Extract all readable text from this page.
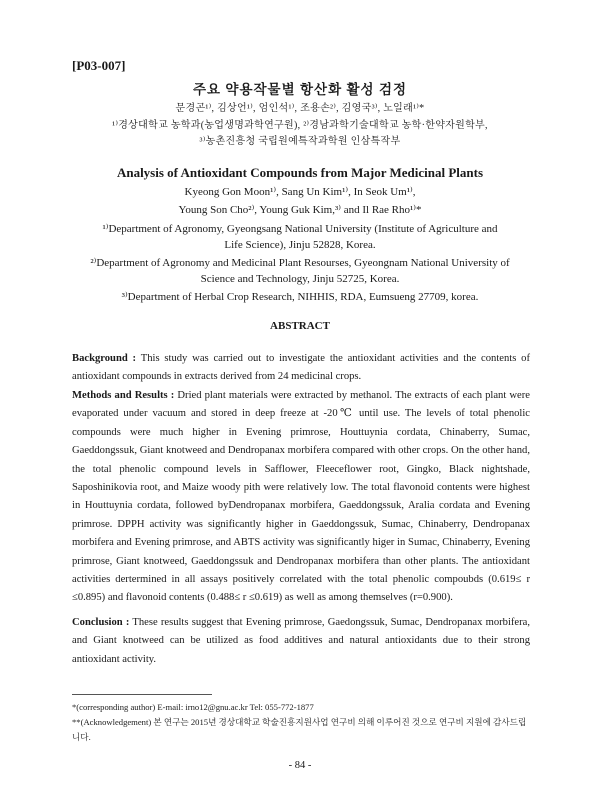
[P03-007]
주요 약용작물별 항산화 활성 검정
문경곤¹⁾, 김상언¹⁾, 엄인석¹⁾, 조용손²⁾, 김영국³⁾, 노일래¹⁾*
¹⁾경상대학교 농학과(농업생명과학연구원), ²⁾경남과학기술대학교 농학·한약자원학부,
³⁾농촌진흥청 국립원예특작과학원 인삼특작부
Analysis of Antioxidant Compounds from Major Medicinal Plants
Kyeong Gon Moon¹⁾, Sang Un Kim¹⁾, In Seok Um¹⁾,
Young Son Cho²⁾, Young Guk Kim,³⁾ and Il Rae Rho¹⁾*
¹⁾Department of Agronomy, Gyeongsang National University (Institute of Agriculture and
Life Science), Jinju 52828, Korea.
²⁾Department of Agronomy and Medicinal Plant Resourses, Gyeongnam National University of
Science and Technology, Jinju 52725, Korea.
³⁾Department of Herbal Crop Research, NIHHIS, RDA, Eumsueng 27709, korea.
ABSTRACT
Background : This study was carried out to investigate the antioxidant activities and the contents of antioxidant compounds in extracts derived from 24 medicinal crops.
Methods and Results : Dried plant materials were extracted by methanol. The extracts of each plant were evaporated under vacuum and stored in deep freeze at -20℃ until use. The levels of total phenolic compounds were much higher in Evening primrose, Houttuynia cordata, Chinaberry, Sumac, Gaeddongssuk, Giant knotweed and Dendropanax morbifera compared with other crops. On the other hand, the total phenolic compound levels in Safflower, Fleeceflower root, Gingko, Black nightshade, Saposhinikovia root, and Maize woody pith were relatively low. The total flavonoid contents were highest in Houttuynia cordata, followed byDendropanax morbifera, Gaeddongssuk, Aralia cordata and Evening primrose. DPPH activity was significantly higher in Gaeddongssuk, Sumac, Chinaberry, Dendropanax morbifera and Evening primrose, and ABTS activity was significantly higer in Sumac, Chinaberry, Evening primrose, Giant knotweed, Gaeddongssuk and Dendropanax morbifera than other plants. The antioxidant activities dertermined in all assays positively correlated with the total phenolic compoubds (0.619≤ r ≤0.895) and flavonoid contents (0.488≤ r ≤0.619) as well as among themselves (r=0.900).
Conclusion : These results suggest that Evening primrose, Gaedongssuk, Sumac, Dendropanax morbifera, and Giant knotweed can be utilized as food additives and natural antioxidants due to their strong antioxidant activity.
*(corresponding author) E-mail: irno12@gnu.ac.kr Tel: 055-772-1877
**(Acknowledgement) 본 연구는 2015년 경상대학교 학술진흥지원사업 연구비 의해 이루어진 것으로 연구비 지원에 감사드립니다.
- 84 -
